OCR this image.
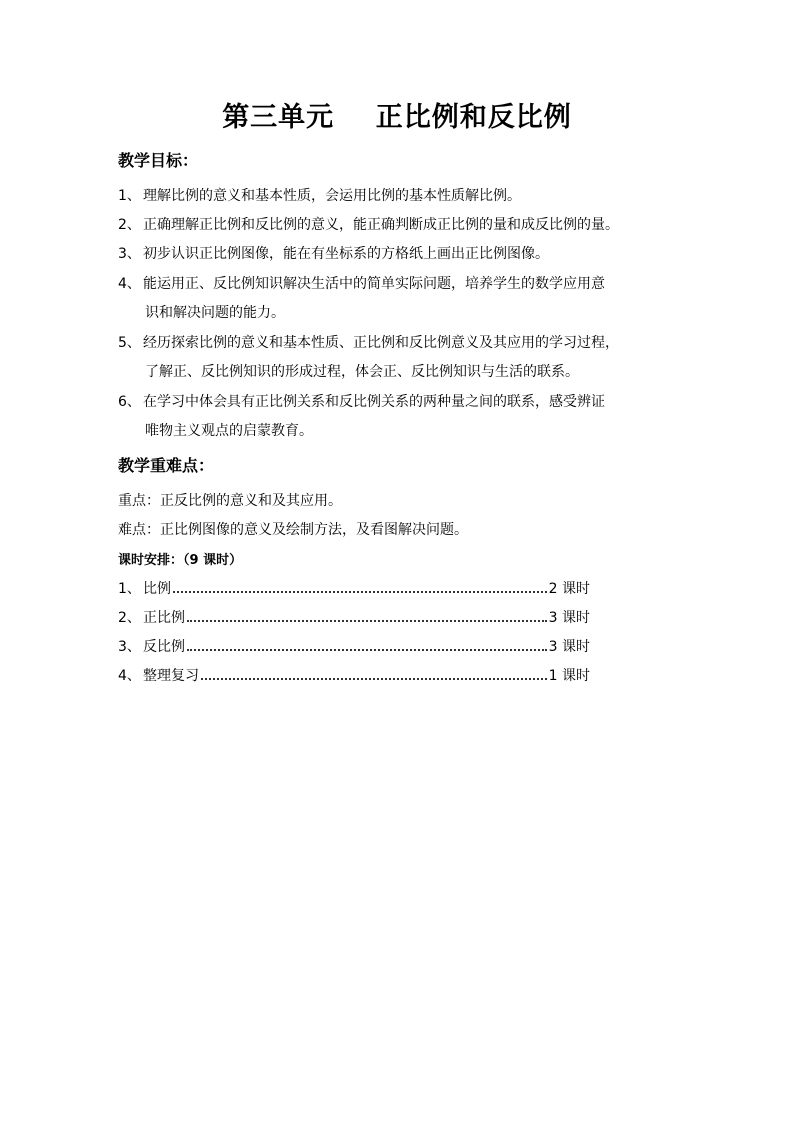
第三单元    正比例和反比例
教学目标：
1、 理解比例的意义和基本性质，会运用比例的基本性质解比例。
2、 正确理解正比例和反比例的意义，能正确判断成正比例的量和成反比例的量。
3、 初步认识正比例图像，能在有坐标系的方格纸上画出正比例图像。
4、 能运用正、反比例知识解决生活中的简单实际问题，培养学生的数学应用意
识和解决问题的能力。
5、 经历探索比例的意义和基本性质、正比例和反比例意义及其应用的学习过程，
了解正、反比例知识的形成过程，体会正、反比例知识与生活的联系。
6、 在学习中体会具有正比例关系和反比例关系的两种量之间的联系，感受辨证
唯物主义观点的启蒙教育。
教学重难点：
重点：正反比例的意义和及其应用。
难点：正比例图像的意义及绘制方法，及看图解决问题。
课时安排：（9 课时）
1、 比例	2 课时
2、 正比例	3 课时
3、 反比例	3 课时
4、 整理复习	1 课时
